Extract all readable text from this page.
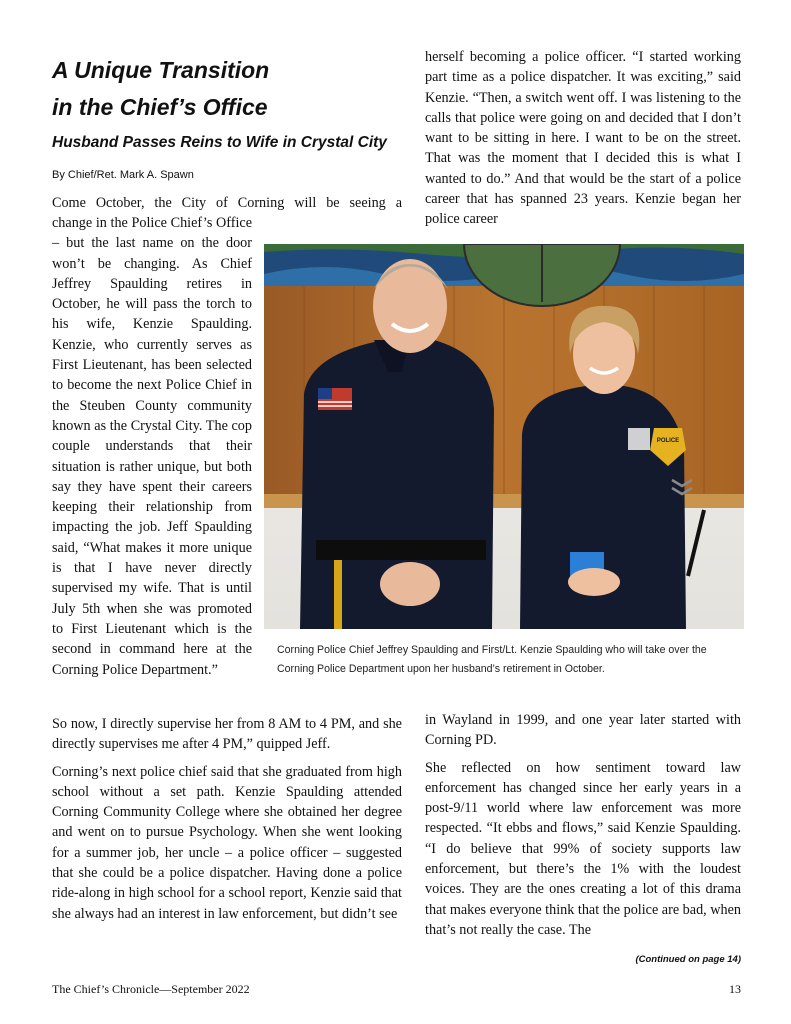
A Unique Transition
in the Chief’s Office
Husband Passes Reins to Wife in Crystal City
By Chief/Ret. Mark A. Spawn
Come October, the City of Corning will be seeing a
change in the Police Chief’s Office – but the last name on the door won’t be changing. As Chief Jeffrey Spaulding retires in October, he will pass the torch to his wife, Kenzie Spaulding. Kenzie, who currently serves as First Lieutenant, has been selected to become the next Police Chief in the Steuben County community known as the Crystal City. The cop couple understands that their situation is rather unique, but both say they have spent their careers keeping their relationship from impacting the job. Jeff Spaulding said, “What makes it more unique is that I have never directly supervised my wife. That is until July 5th when she was promoted to First Lieutenant which is the second in command here at the Corning Police Department.”

So now, I directly supervise her from 8 AM to 4 PM, and she directly supervises me after 4 PM,” quipped Jeff.

Corning’s next police chief said that she graduated from high school without a set path. Kenzie Spaulding attended Corning Community College where she obtained her degree and went on to pursue Psychology. When she went looking for a summer job, her uncle – a police officer – suggested that she could be a police dispatcher. Having done a police ride-along in high school for a school report, Kenzie said that she always had an interest in law enforcement, but didn’t see

herself becoming a police officer. “I started working part time as a police dispatcher. It was exciting,” said Kenzie. “Then, a switch went off. I was listening to the calls that police were going on and decided that I don’t want to be sitting in here. I want to be on the street. That was the moment that I decided this is what I wanted to do.” And that would be the start of a police career that has spanned 23 years. Kenzie began her police career
POLICE
Corning Police Chief Jeffrey Spaulding and First/Lt. Kenzie Spaulding who will take over the Corning Police Department upon her husband’s retirement in October.

in Wayland in 1999, and one year later started with Corning PD.

She reflected on how sentiment toward law enforcement has changed since her early years in a post-9/11 world where law enforcement was more respected. “It ebbs and flows,” said Kenzie Spaulding. “I do believe that 99% of society supports law enforcement, but there’s the 1% with the loudest voices. They are the ones creating a lot of this drama that makes everyone think that the police are bad, when that’s not really the case. The

(Continued on page 14)
The Chief’s Chronicle—September 2022	13
